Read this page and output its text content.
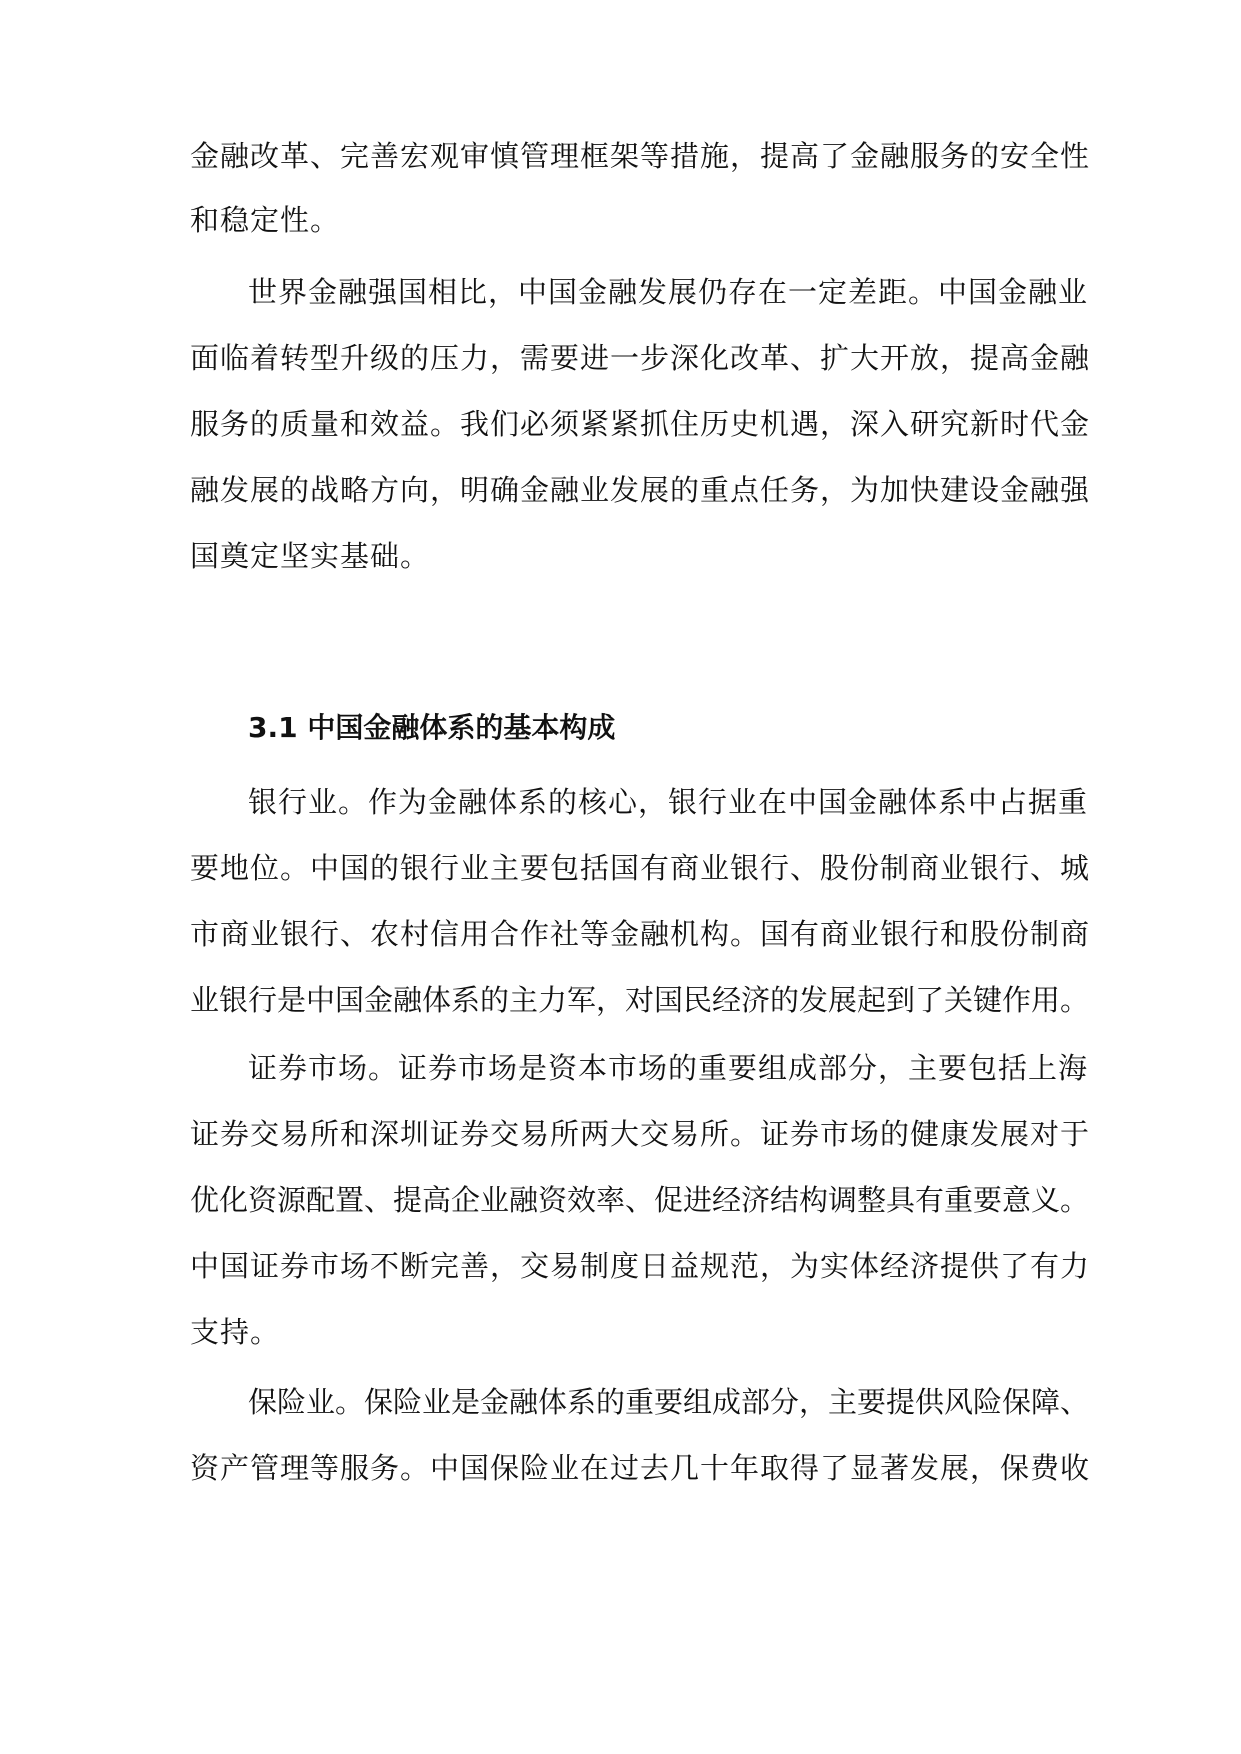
金融改革、完善宏观审慎管理框架等措施，提高了金融服务的安全性
和稳定性。
世界金融强国相比，中国金融发展仍存在一定差距。中国金融业
面临着转型升级的压力，需要进一步深化改革、扩大开放，提高金融
服务的质量和效益。我们必须紧紧抓住历史机遇，深入研究新时代金
融发展的战略方向，明确金融业发展的重点任务，为加快建设金融强
国奠定坚实基础。
3.1 中国金融体系的基本构成
银行业。作为金融体系的核心，银行业在中国金融体系中占据重
要地位。中国的银行业主要包括国有商业银行、股份制商业银行、城
市商业银行、农村信用合作社等金融机构。国有商业银行和股份制商
业银行是中国金融体系的主力军，对国民经济的发展起到了关键作用。
证券市场。证券市场是资本市场的重要组成部分，主要包括上海
证券交易所和深圳证券交易所两大交易所。证券市场的健康发展对于
优化资源配置、提高企业融资效率、促进经济结构调整具有重要意义。
中国证券市场不断完善，交易制度日益规范，为实体经济提供了有力
支持。
保险业。保险业是金融体系的重要组成部分，主要提供风险保障、
资产管理等服务。中国保险业在过去几十年取得了显著发展，保费收
